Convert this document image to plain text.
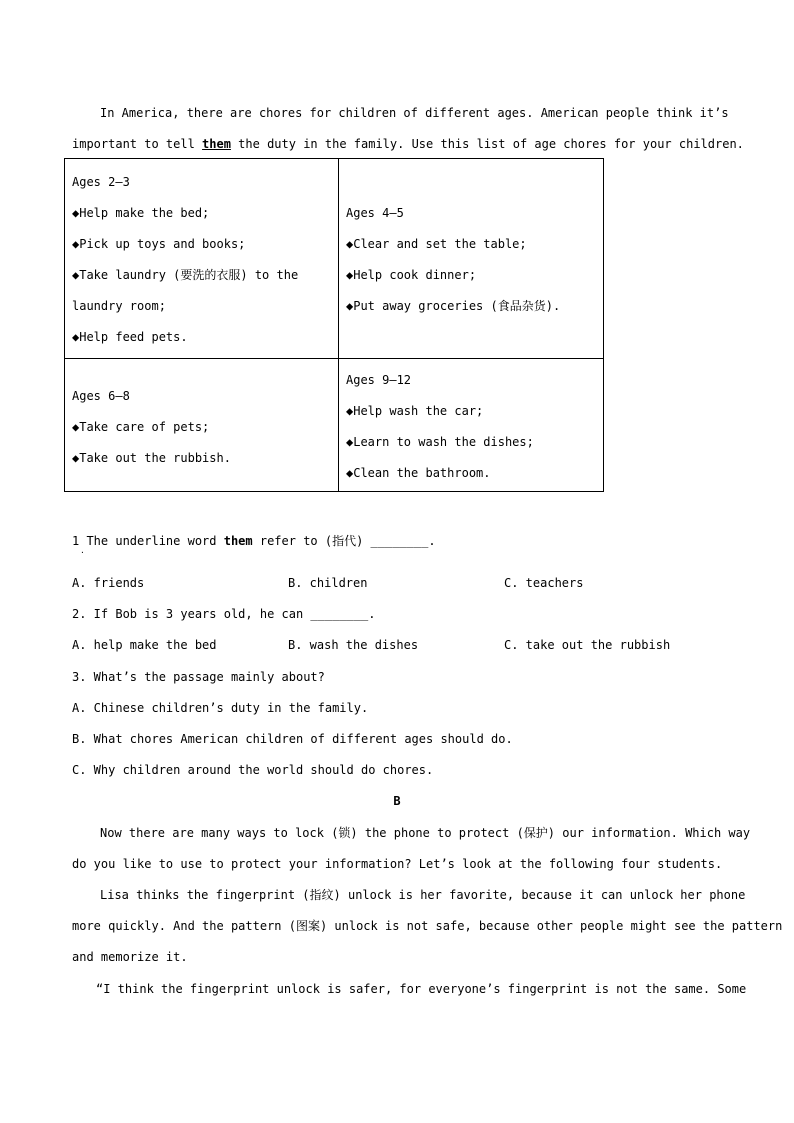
In America, there are chores for children of different ages. American people think it’s
important to tell them the duty in the family. Use this list of age chores for your children.
Ages 2—3
◆Help make the bed;
◆Pick up toys and books;
◆Take laundry (要洗的衣服) to the
laundry room;
◆Help feed pets.
Ages 4—5
◆Clear and set the table;
◆Help cook dinner;
◆Put away groceries (食品杂货).
Ages 6—8
◆Take care of pets;
◆Take out the rubbish.
Ages 9—12
◆Help wash the car;
◆Learn to wash the dishes;
◆Clean the bathroom.
1 The underline word them refer to (指代) ________.
·
A. friends	B. children	C. teachers
2. If Bob is 3 years old, he can ________.
A. help make the bed	B. wash the dishes	C. take out the rubbish
3. What’s the passage mainly about?
A. Chinese children’s duty in the family.
B. What chores American children of different ages should do.
C. Why children around the world should do chores.
B
Now there are many ways to lock (锁) the phone to protect (保护) our information. Which way
do you like to use to protect your information? Let’s look at the following four students.
Lisa thinks the fingerprint (指纹) unlock is her favorite, because it can unlock her phone
more quickly. And the pattern (图案) unlock is not safe, because other people might see the pattern
and memorize it.
“I think the fingerprint unlock is safer, for everyone’s fingerprint is not the same. Some
